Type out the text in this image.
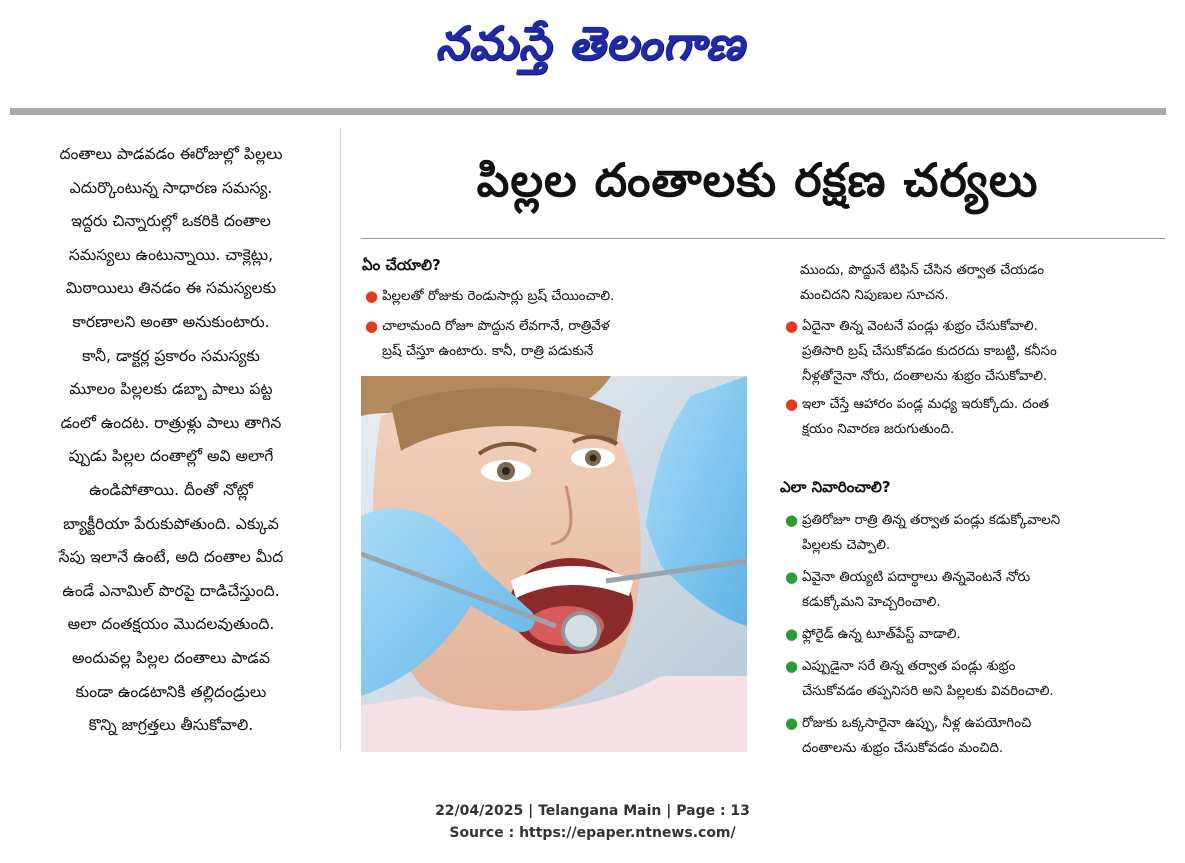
నమస్తే తెలంగాణ
దంతాలు పాడవడం ఈరోజుల్లో పిల్లలు
ఎదుర్కొంటున్న సాధారణ సమస్య.
ఇద్దరు చిన్నారుల్లో ఒకరికి దంతాల
సమస్యలు ఉంటున్నాయి. చాక్లెట్లు,
మిఠాయిలు తినడం ఈ సమస్యలకు
కారణాలని అంతా అనుకుంటారు.
కానీ, డాక్టర్ల ప్రకారం సమస్యకు
మూలం పిల్లలకు డబ్బా పాలు పట్ట
డంలో ఉందట. రాత్రుళ్లు పాలు తాగిన
ప్పుడు పిల్లల దంతాల్లో అవి అలాగే
ఉండిపోతాయి. దీంతో నోట్లో
బ్యాక్టీరియా పేరుకుపోతుంది. ఎక్కువ
సేపు ఇలానే ఉంటే, అది దంతాల మీద
ఉండే ఎనామిల్ పొరపై దాడిచేస్తుంది.
అలా దంతక్షయం మొదలవుతుంది.
అందువల్ల పిల్లల దంతాలు పాడవ
కుండా ఉండటానికి తల్లిదండ్రులు
కొన్ని జాగ్రత్తలు తీసుకోవాలి.
పిల్లల దంతాలకు రక్షణ చర్యలు
ఏం చేయాలి?
● పిల్లలతో రోజుకు రెండుసార్లు బ్రష్ చేయించాలి.
● చాలామంది రోజూ పొద్దున లేవగానే, రాత్రివేళ
బ్రష్ చేస్తూ ఉంటారు. కానీ, రాత్రి పడుకునే
ముందు, పొద్దునే టిఫిన్ చేసిన తర్వాత చేయడం
మంచిదని నిపుణుల సూచన.
● ఏదైనా తిన్న వెంటనే పండ్లు శుభ్రం చేసుకోవాలి.
ప్రతిసారి బ్రష్ చేసుకోవడం కుదరదు కాబట్టి, కనీసం
నీళ్లతోనైనా నోరు, దంతాలను శుభ్రం చేసుకోవాలి.
● ఇలా చేస్తే ఆహారం పండ్ల మధ్య ఇరుక్కోదు. దంత
క్షయం నివారణ జరుగుతుంది.
ఎలా నివారించాలి?
● ప్రతిరోజూ రాత్రి తిన్న తర్వాత పండ్లు కడుక్కోవాలని
పిల్లలకు చెప్పాలి.
● ఏవైనా తియ్యటి పదార్థాలు తిన్నవెంటనే నోరు
కడుక్కోమని హెచ్చరించాలి.
● ఫ్లోరైడ్ ఉన్న టూత్‌పేస్ట్ వాడాలి.
● ఎప్పుడైనా సరే తిన్న తర్వాత పండ్లు శుభ్రం
చేసుకోవడం తప్పనిసరి అని పిల్లలకు వివరించాలి.
● రోజుకు ఒక్కసారైనా ఉప్పు, నీళ్ల ఉపయోగించి
దంతాలను శుభ్రం చేసుకోవడం మంచిది.
22/04/2025 | Telangana Main | Page : 13
Source : https://epaper.ntnews.com/
